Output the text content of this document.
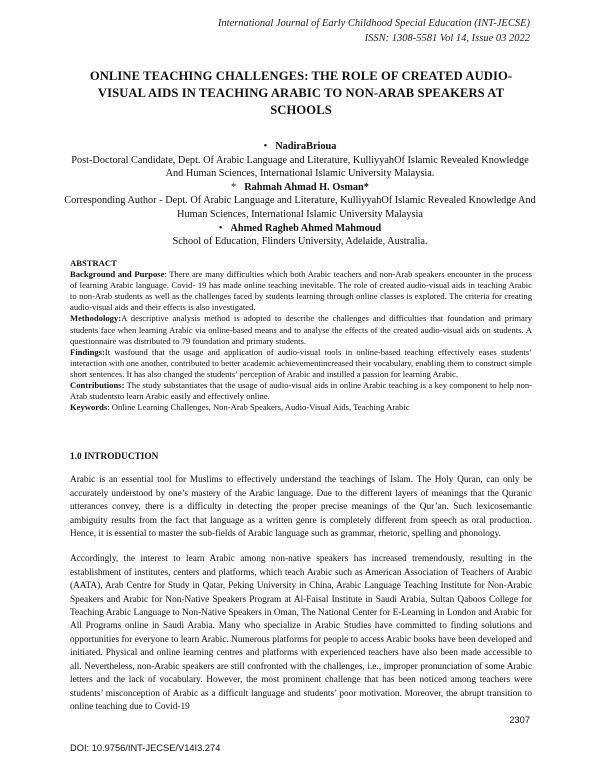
International Journal of Early Childhood Special Education (INT-JECSE)
ISSN: 1308-5581 Vol 14, Issue 03 2022
ONLINE TEACHING CHALLENGES: THE ROLE OF CREATED AUDIO-VISUAL AIDS IN TEACHING ARABIC TO NON-ARAB SPEAKERS AT SCHOOLS
• NadiraBrioua
Post-Doctoral Candidate, Dept. Of Arabic Language and Literature, KulliyyahOf Islamic Revealed Knowledge And Human Sciences, International Islamic University Malaysia.
* Rahmah Ahmad H. Osman*
Corresponding Author - Dept. Of Arabic Language and Literature, KulliyyahOf Islamic Revealed Knowledge And Human Sciences, International Islamic University Malaysia
• Ahmed Ragheb Ahmed Mahmoud
School of Education, Flinders University, Adelaide, Australia.
ABSTRACT

Background and Purpose: There are many difficulties which both Arabic teachers and non-Arab speakers encounter in the process of learning Arabic language. Covid- 19 has made online teaching inevitable. The role of created audio-visual aids in teaching Arabic to non-Arab students as well as the challenges faced by students learning through online classes is explored. The criteria for creating audio-visual aids and their effects is also investigated.

Methodology:A descriptive analysis method is adopted to describe the challenges and difficulties that foundation and primary students face when learning Arabic via online-based means and to analyse the effects of the created audio-visual aids on students. A questionnaire was distributed to 79 foundation and primary students.

Findings:It wasfound that the usage and application of audio-visual tools in online-based teaching effectively eases students’ interaction with one another, contributed to better academic achievementincreased their vocabulary, enabling them to construct simple short sentences. It has also changed the students’ perception of Arabic and instilled a passion for learning Arabic.

Contributions: The study substantiates that the usage of audio-visual aids in online Arabic teaching is a key component to help non-Arab studentsto learn Arabic easily and effectively online.

Keywords: Online Learning Challenges, Non-Arab Speakers, Audio-Visual Aids, Teaching Arabic

1.0 INTRODUCTION

Arabic is an essential tool for Muslims to effectively understand the teachings of Islam. The Holy Quran, can only be accurately understood by one’s mastery of the Arabic language. Due to the different layers of meanings that the Quranic utterances convey, there is a difficulty in detecting the proper precise meanings of the Qur’an. Such lexicosemantic ambiguity results from the fact that language as a written genre is completely different from speech as oral production. Hence, it is essential to master the sub-fields of Arabic language such as grammar, rhetoric, spelling and phonology.

Accordingly, the interest to learn Arabic among non-native speakers has increased tremendously, resulting in the establishment of institutes, centers and platforms, which teach Arabic such as American Association of Teachers of Arabic (AATA), Arab Centre for Study in Qatar, Peking University in China, Arabic Language Teaching Institute for Non-Arabic Speakers and Arabic for Non-Native Speakers Program at Al-Faisal Institute in Saudi Arabia, Sultan Qaboos College for Teaching Arabic Language to Non-Native Speakers in Oman, The National Center for E-Learning in London and Arabic for All Programs online in Saudi Arabia. Many who specialize in Arabic Studies have committed to finding solutions and opportunities for everyone to learn Arabic. Numerous platforms for people to access Arabic books have been developed and initiated. Physical and online learning centres and platforms with experienced teachers have also been made accessible to all. Nevertheless, non-Arabic speakers are still confronted with the challenges, i.e., improper pronunciation of some Arabic letters and the lack of vocabulary. However, the most prominent challenge that has been noticed among teachers were students’ misconception of Arabic as a difficult language and students’ poor motivation. Moreover, the abrupt transition to online teaching due to Covid-19

2307
DOI: 10.9756/INT-JECSE/V14I3.274
